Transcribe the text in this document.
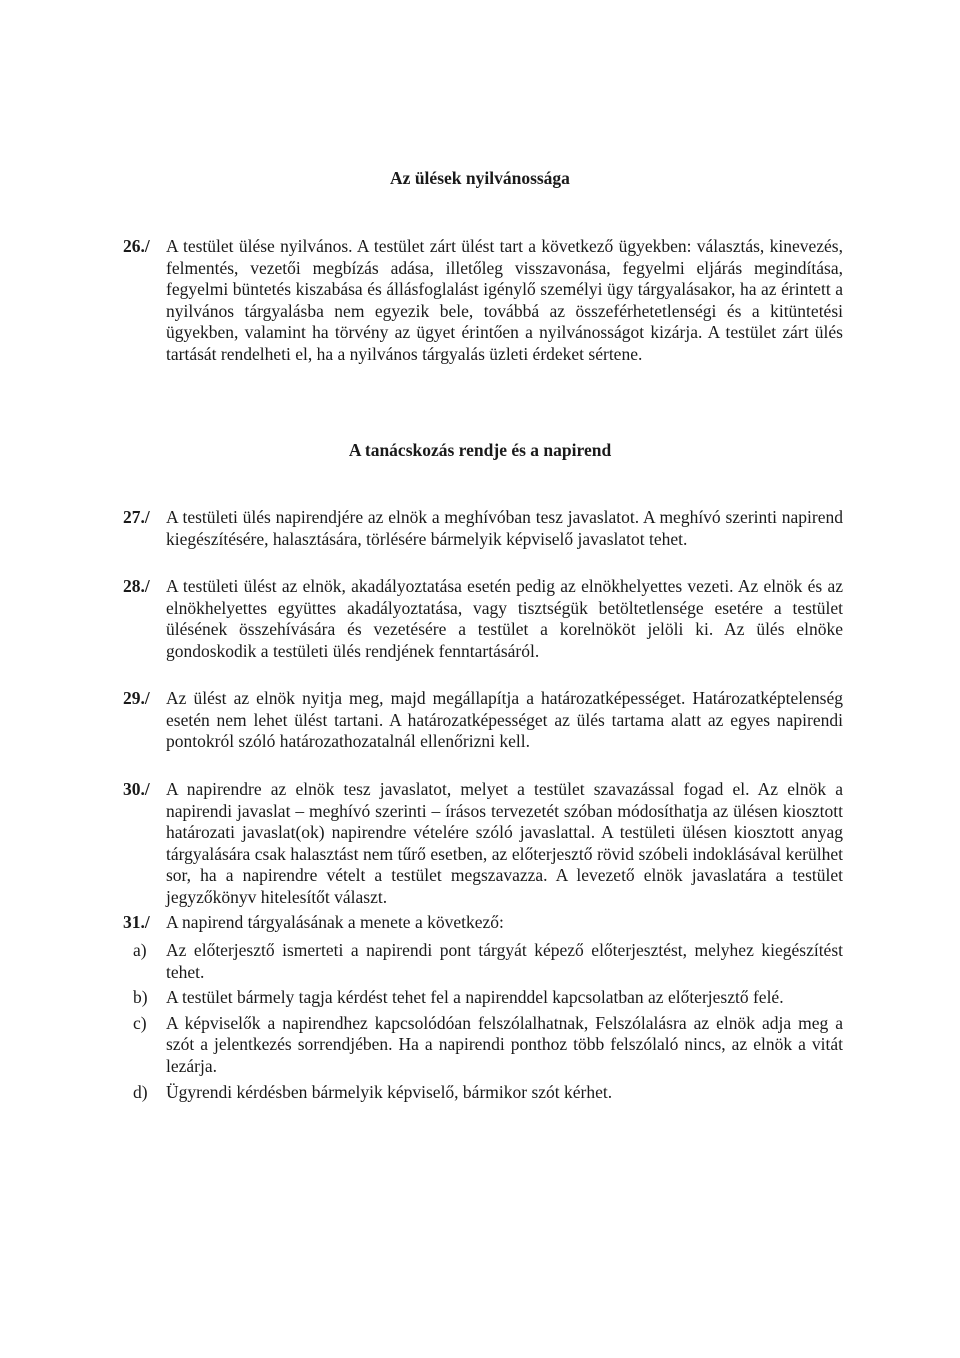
Az ülések nyilvánossága
26./ A testület ülése nyilvános. A testület zárt ülést tart a következő ügyekben: választás, kinevezés, felmentés, vezetői megbízás adása, illetőleg visszavonása, fegyelmi eljárás megindítása, fegyelmi büntetés kiszabása és állásfoglalást igénylő személyi ügy tárgyalásakor, ha az érintett a nyilvános tárgyalásba nem egyezik bele, továbbá az összeférhetetlenségi és a kitüntetési ügyekben, valamint ha törvény az ügyet érintően a nyilvánosságot kizárja. A testület zárt ülés tartását rendelheti el, ha a nyilvános tárgyalás üzleti érdeket sértene.
A tanácskozás rendje és a napirend
27./ A testületi ülés napirendjére az elnök a meghívóban tesz javaslatot. A meghívó szerinti napirend kiegészítésére, halasztására, törlésére bármelyik képviselő javaslatot tehet.
28./ A testületi ülést az elnök, akadályoztatása esetén pedig az elnökhelyettes vezeti. Az elnök és az elnökhelyettes együttes akadályoztatása, vagy tisztségük betöltetlensége esetére a testület ülésének összehívására és vezetésére a testület a korelnököt jelöli ki. Az ülés elnöke gondoskodik a testületi ülés rendjének fenntartásáról.
29./ Az ülést az elnök nyitja meg, majd megállapítja a határozatképességet. Határozatképtelenség esetén nem lehet ülést tartani. A határozatképességet az ülés tartama alatt az egyes napirendi pontokról szóló határozathozatalnál ellenőrizni kell.
30./ A napirendre az elnök tesz javaslatot, melyet a testület szavazással fogad el. Az elnök a napirendi javaslat – meghívó szerinti – írásos tervezetét szóban módosíthatja az ülésen kiosztott határozati javaslat(ok) napirendre vételére szóló javaslattal. A testületi ülésen kiosztott anyag tárgyalására csak halasztást nem tűrő esetben, az előterjesztő rövid szóbeli indoklásával kerülhet sor, ha a napirendre vételt a testület megszavazza. A levezető elnök javaslatára a testület jegyzőkönyv hitelesítőt választ.
31./ A napirend tárgyalásának a menete a következő:
a) Az előterjesztő ismerteti a napirendi pont tárgyát képező előterjesztést, melyhez kiegészítést tehet.
b) A testület bármely tagja kérdést tehet fel a napirenddel kapcsolatban az előterjesztő felé.
c) A képviselők a napirendhez kapcsolódóan felszólalhatnak, Felszólalásra az elnök adja meg a szót a jelentkezés sorrendjében. Ha a napirendi ponthoz több felszólaló nincs, az elnök a vitát lezárja.
d) Ügyrendi kérdésben bármelyik képviselő, bármikor szót kérhet.
